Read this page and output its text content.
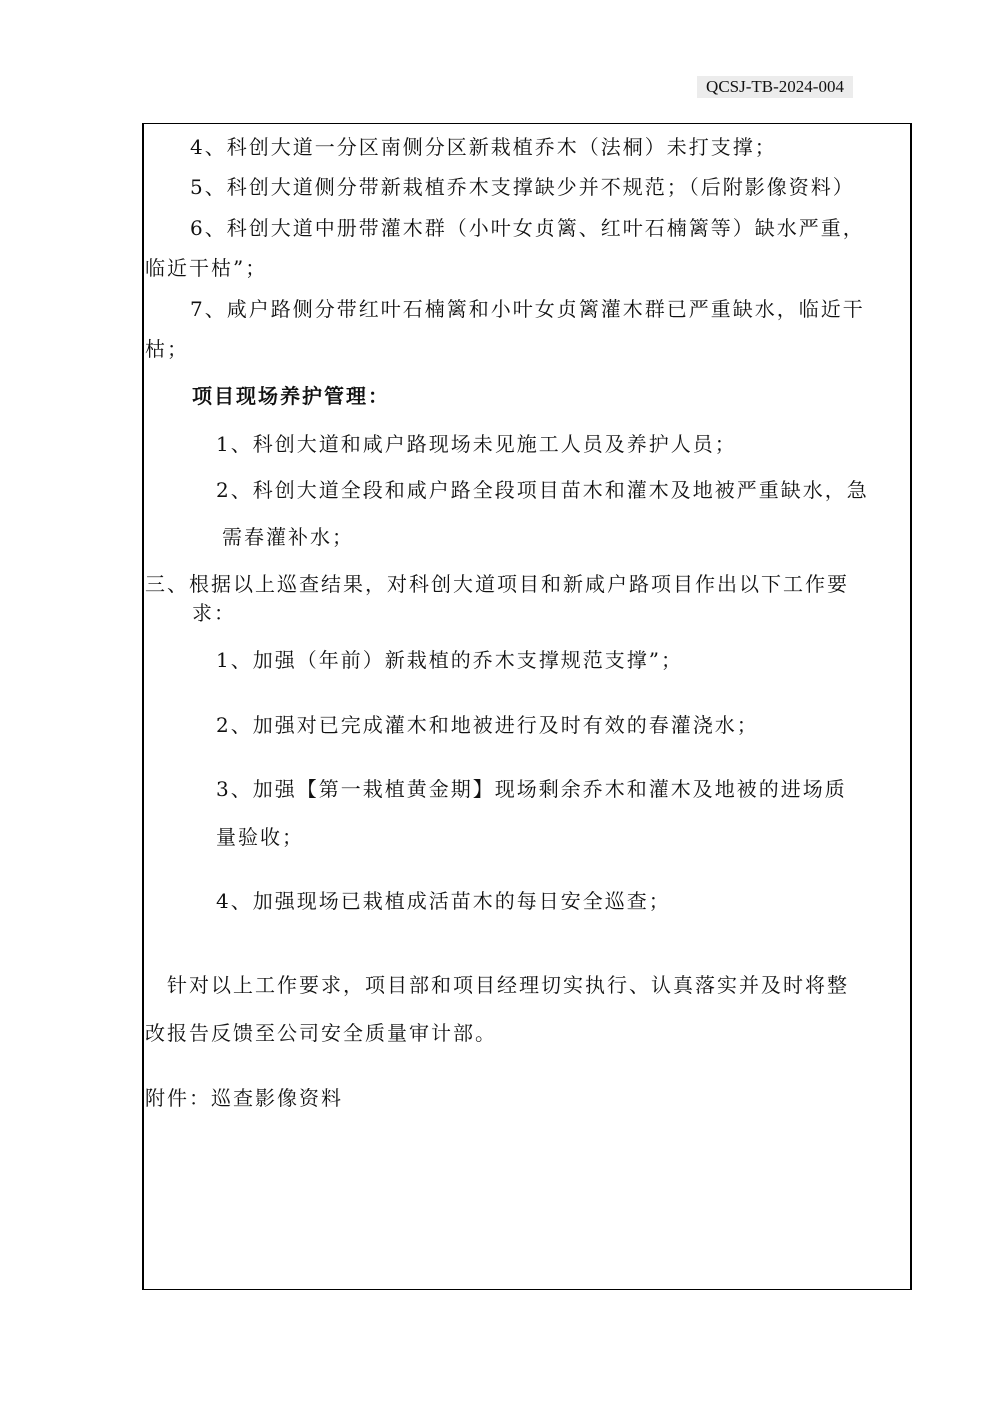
QCSJ-TB-2024-004
4、科创大道一分区南侧分区新栽植乔木（法桐）未打支撑；
5、科创大道侧分带新栽植乔木支撑缺少并不规范；（后附影像资料）
6、科创大道中册带灌木群（小叶女贞篱、红叶石楠篱等）缺水严重，
临近干枯”；
7、咸户路侧分带红叶石楠篱和小叶女贞篱灌木群已严重缺水，临近干
枯；
项目现场养护管理：
1、科创大道和咸户路现场未见施工人员及养护人员；
2、科创大道全段和咸户路全段项目苗木和灌木及地被严重缺水，急
需春灌补水；
三、根据以上巡查结果，对科创大道项目和新咸户路项目作出以下工作要
求：
1、加强（年前）新栽植的乔木支撑规范支撑”；
2、加强对已完成灌木和地被进行及时有效的春灌浇水；
3、加强【第一栽植黄金期】现场剩余乔木和灌木及地被的进场质
量验收；
4、加强现场已栽植成活苗木的每日安全巡查；
针对以上工作要求，项目部和项目经理切实执行、认真落实并及时将整
改报告反馈至公司安全质量审计部。
附件：巡查影像资料
